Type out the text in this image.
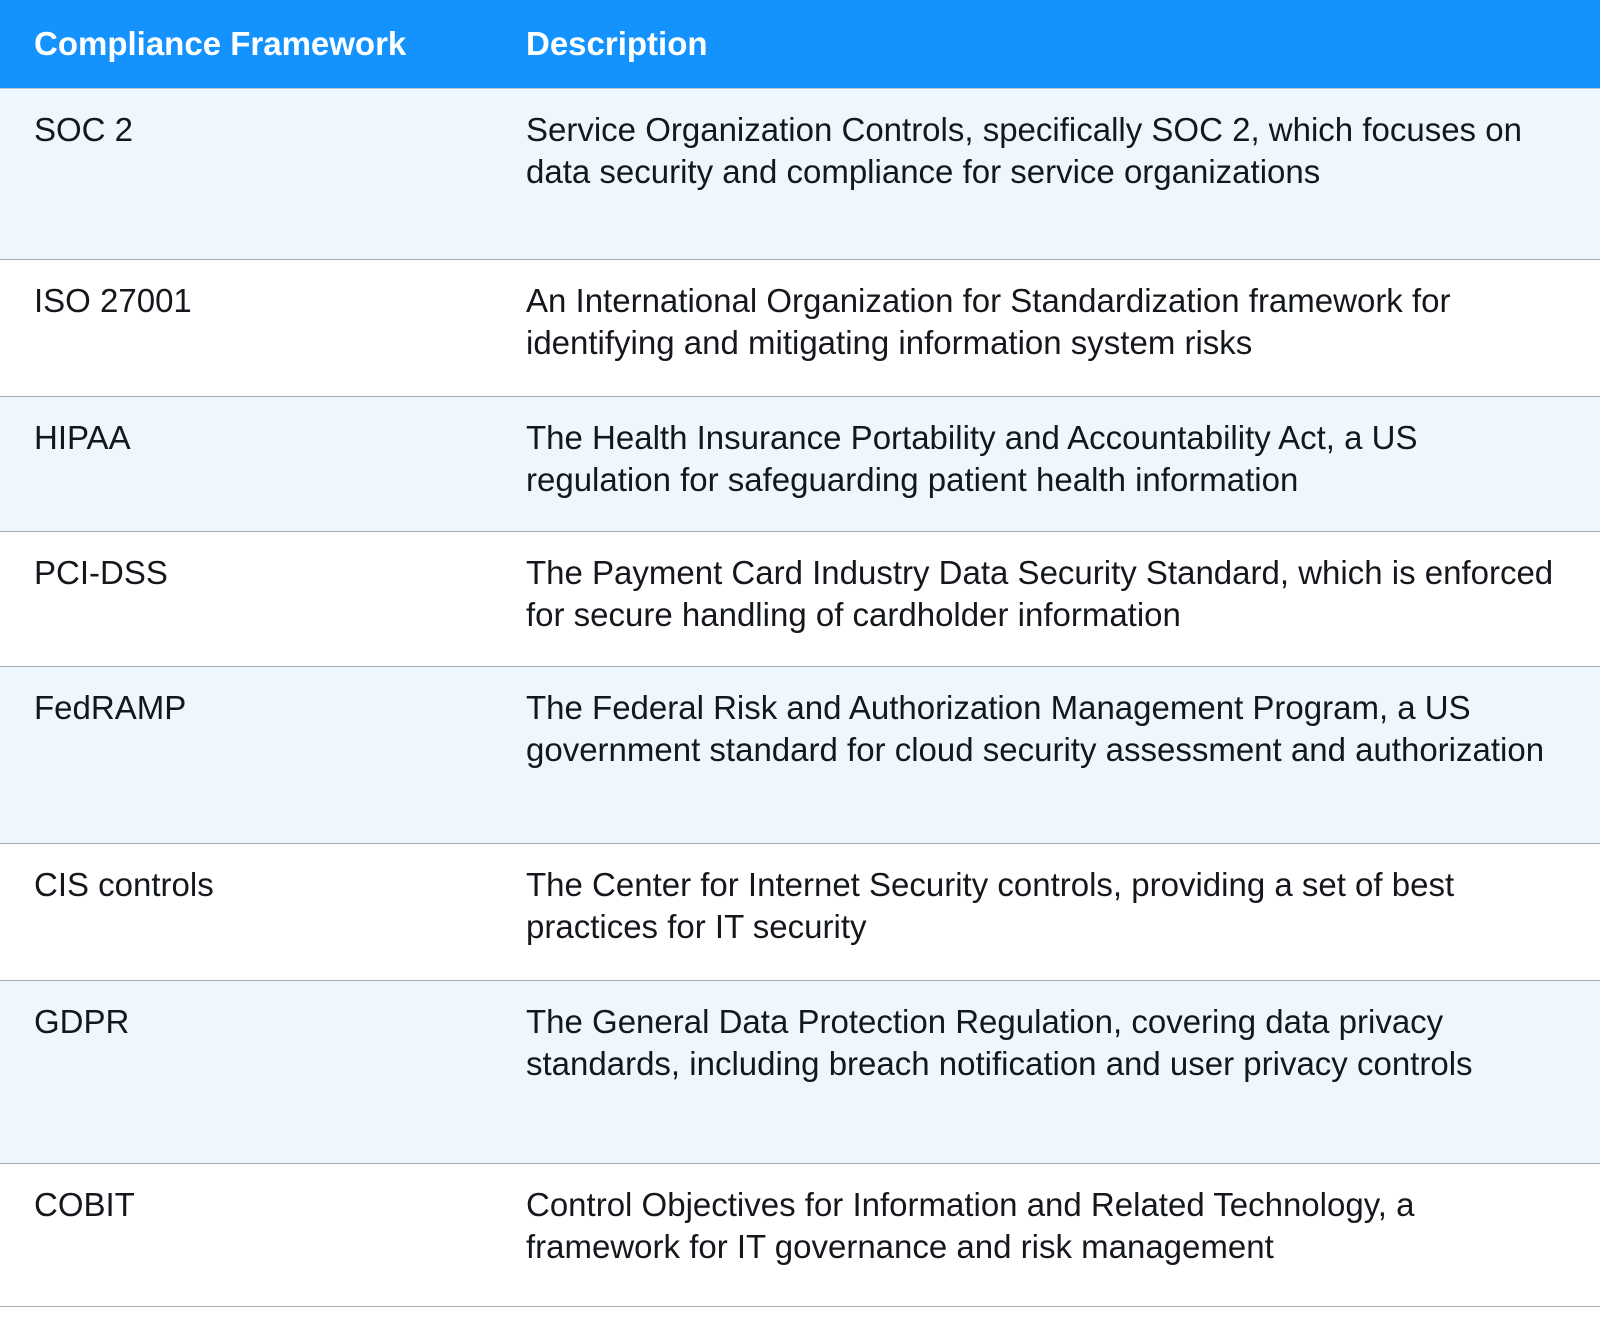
Compliance Framework	Description
SOC 2	Service Organization Controls, specifically SOC 2, which focuses on data security and compliance for service organizations
ISO 27001	An International Organization for Standardization framework for identifying and mitigating information system risks
HIPAA	The Health Insurance Portability and Accountability Act, a US regulation for safeguarding patient health information
PCI-DSS	The Payment Card Industry Data Security Standard, which is enforced for secure handling of cardholder information
FedRAMP	The Federal Risk and Authorization Management Program, a US government standard for cloud security assessment and authorization
CIS controls	The Center for Internet Security controls, providing a set of best practices for IT security
GDPR	The General Data Protection Regulation, covering data privacy standards, including breach notification and user privacy controls
COBIT	Control Objectives for Information and Related Technology, a framework for IT governance and risk management
